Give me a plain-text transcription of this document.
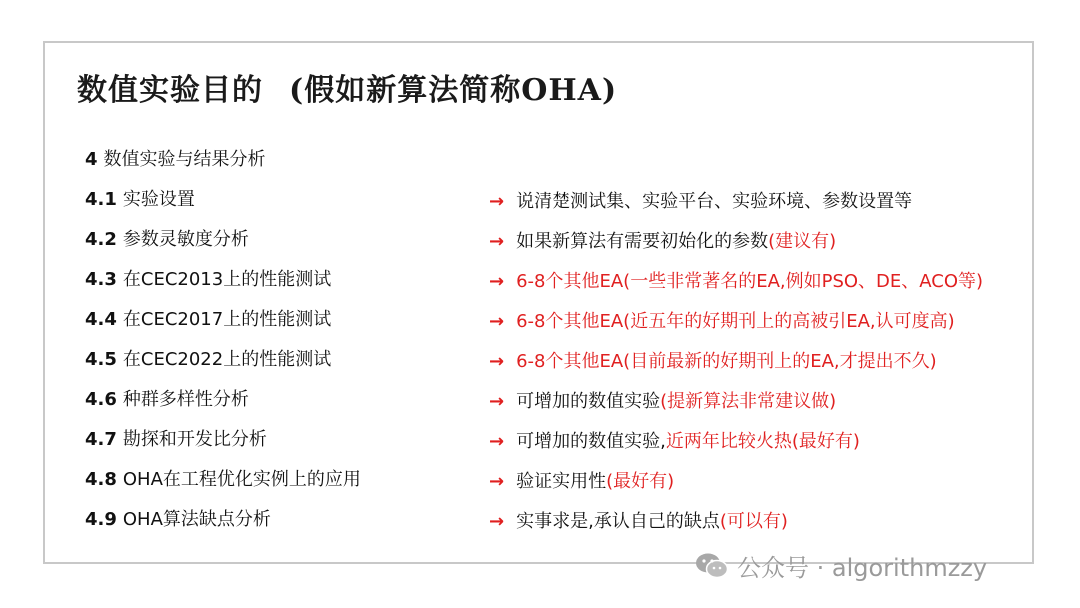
数值实验目的 (假如新算法简称OHA)
4 数值实验与结果分析
4.1 实验设置	→ 说清楚测试集、实验平台、实验环境、参数设置等
4.2 参数灵敏度分析	→ 如果新算法有需要初始化的参数(建议有)
4.3 在CEC2013上的性能测试	→ 6-8个其他EA(一些非常著名的EA,例如PSO、DE、ACO等)
4.4 在CEC2017上的性能测试	→ 6-8个其他EA(近五年的好期刊上的高被引EA,认可度高)
4.5 在CEC2022上的性能测试	→ 6-8个其他EA(目前最新的好期刊上的EA,才提出不久)
4.6 种群多样性分析	→ 可增加的数值实验(提新算法非常建议做)
4.7 勘探和开发比分析	→ 可增加的数值实验,近两年比较火热(最好有)
4.8 OHA在工程优化实例上的应用	→ 验证实用性(最好有)
4.9 OHA算法缺点分析	→ 实事求是,承认自己的缺点(可以有)
公众号 · algorithmzzy
